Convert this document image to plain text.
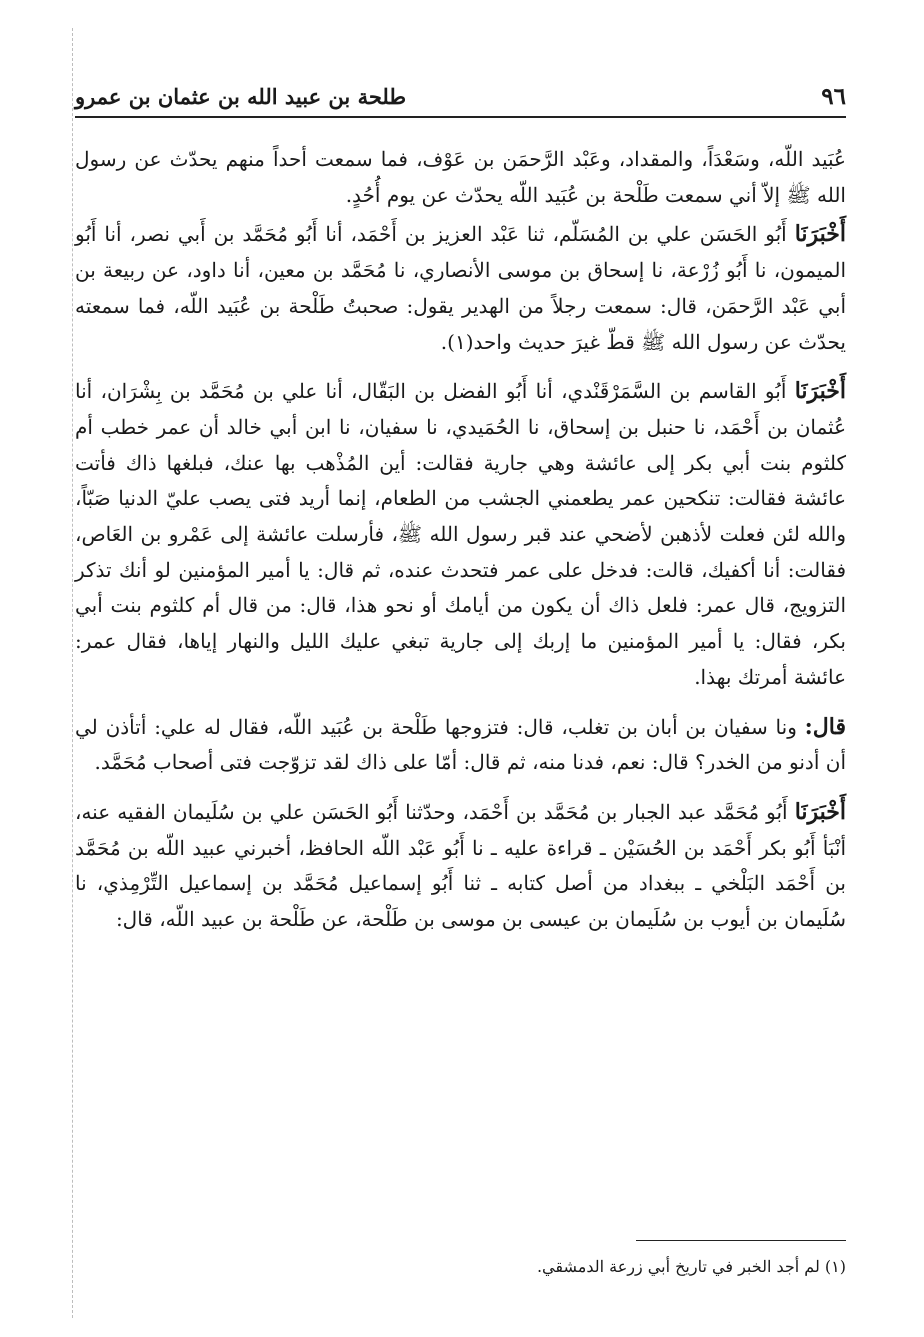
٩٦
طلحة بن عبيد الله بن عثمان بن عمرو

عُبَيد اللّه، وسَعْدَاً، والمقداد، وعَبْد الرَّحمَن بن عَوْف، فما سمعت أحداً منهم يحدّث عن رسول الله ﷺ إلاّ أني سمعت طَلْحة بن عُبَيد اللّه يحدّث عن يوم أُحُدٍ.

أَخْبَرَنَا أَبُو الحَسَن علي بن المُسَلّم، ثنا عَبْد العزيز بن أَحْمَد، أنا أَبُو مُحَمَّد بن أَبي نصر، أنا أَبُو الميمون، نا أَبُو زُرْعة، نا إسحاق بن موسى الأنصاري، نا مُحَمَّد بن معين، أنا داود، عن ربيعة بن أبي عَبْد الرَّحمَن، قال: سمعت رجلاً من الهدير يقول: صحبتُ طَلْحة بن عُبَيد اللّه، فما سمعته يحدّث عن رسول الله ﷺ قطّ غيرَ حديث واحد(١).

أَخْبَرَنَا أَبُو القاسم بن السَّمَرْقَنْدي، أنا أَبُو الفضل بن البَقّال، أنا علي بن مُحَمَّد بن بِشْرَان، أنا عُثمان بن أَحْمَد، نا حنبل بن إسحاق، نا الحُمَيدي، نا سفيان، نا ابن أبي خالد أن عمر خطب أم كلثوم بنت أبي بكر إلى عائشة وهي جارية فقالت: أين المُذْهب بها عنك، فبلغها ذاك فأتت عائشة فقالت: تنكحين عمر يطعمني الجشب من الطعام، إنما أريد فتى يصب عليّ الدنيا صَبّاً، والله لئن فعلت لأذهبن لأضحي عند قبر رسول الله ﷺ، فأرسلت عائشة إلى عَمْرو بن العَاص، فقالت: أنا أكفيك، قالت: فدخل على عمر فتحدث عنده، ثم قال: يا أمير المؤمنين لو أنك تذكر التزويج، قال عمر: فلعل ذاك أن يكون من أيامك أو نحو هذا، قال: من قال أم كلثوم بنت أبي بكر، فقال: يا أمير المؤمنين ما إربك إلى جارية تبغي عليك الليل والنهار إياها، فقال عمر: عائشة أمرتك بهذا.

قال: ونا سفيان بن أبان بن تغلب، قال: فتزوجها طَلْحة بن عُبَيد اللّه، فقال له علي: أتأذن لي أن أدنو من الخدر؟ قال: نعم، فدنا منه، ثم قال: أمّا على ذاك لقد تزوّجت فتى أصحاب مُحَمَّد.

أَخْبَرَنَا أَبُو مُحَمَّد عبد الجبار بن مُحَمَّد بن أَحْمَد، وحدّثنا أَبُو الحَسَن علي بن سُلَيمان الفقيه عنه، أنْبَأ أَبُو بكر أَحْمَد بن الحُسَيْن ـ قراءة عليه ـ نا أَبُو عَبْد اللّه الحافظ، أخبرني عبيد اللّه بن مُحَمَّد بن أَحْمَد البَلْخي ـ ببغداد من أصل كتابه ـ ثنا أَبُو إسماعيل مُحَمَّد بن إسماعيل التِّرْمِذي، نا سُلَيمان بن أيوب بن سُلَيمان بن عيسى بن موسى بن طَلْحة، عن طَلْحة بن عبيد اللّه، قال:

(١) لم أجد الخبر في تاريخ أبي زرعة الدمشقي.
